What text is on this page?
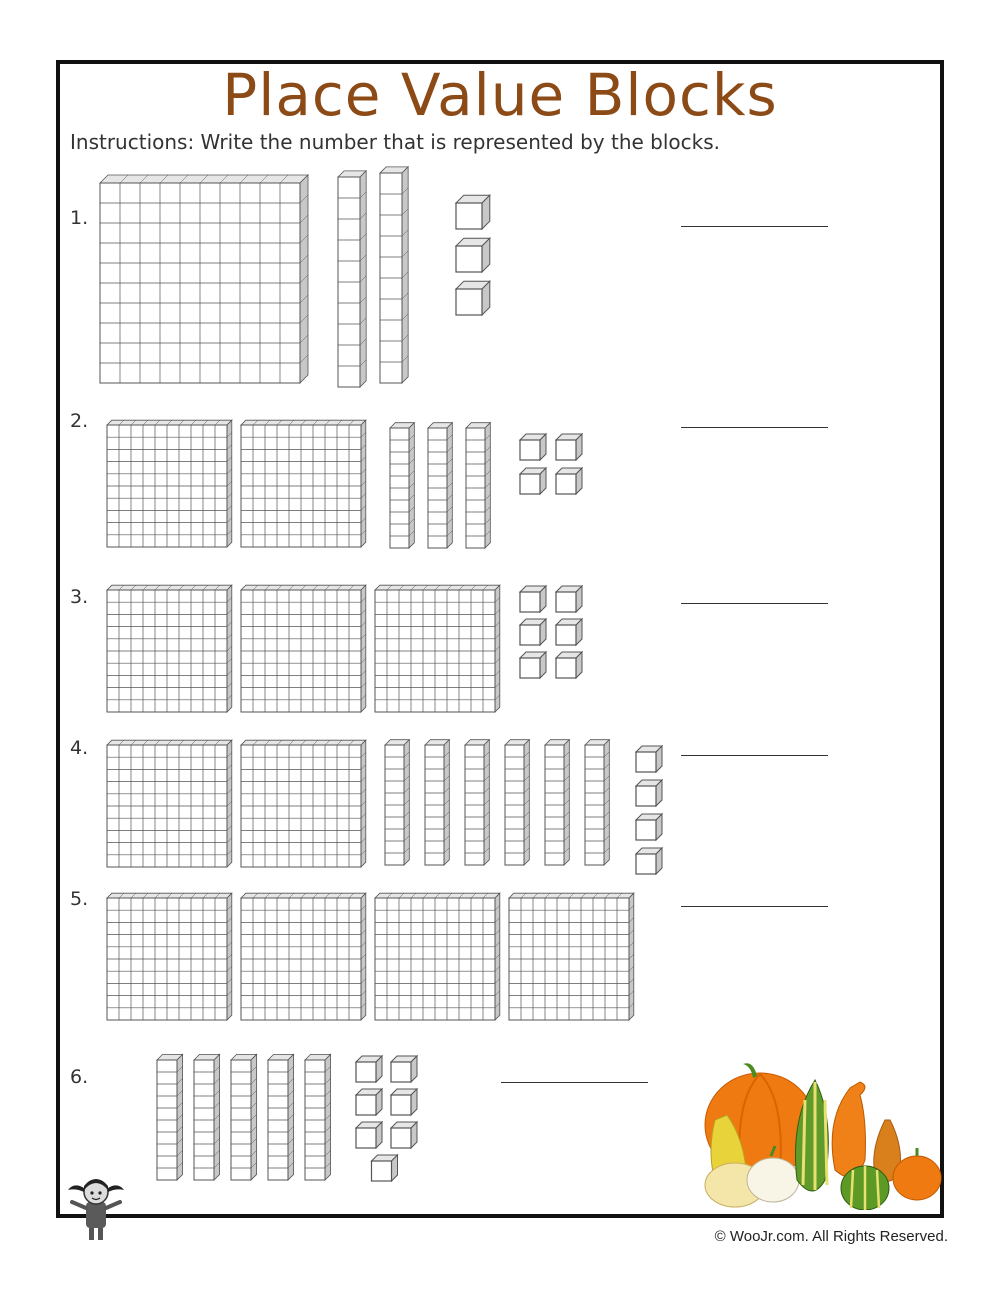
Place Value Blocks
Instructions: Write the number that is represented by the blocks.
1.
2.
3.
4.
5.
6.
© WooJr.com. All Rights Reserved.
